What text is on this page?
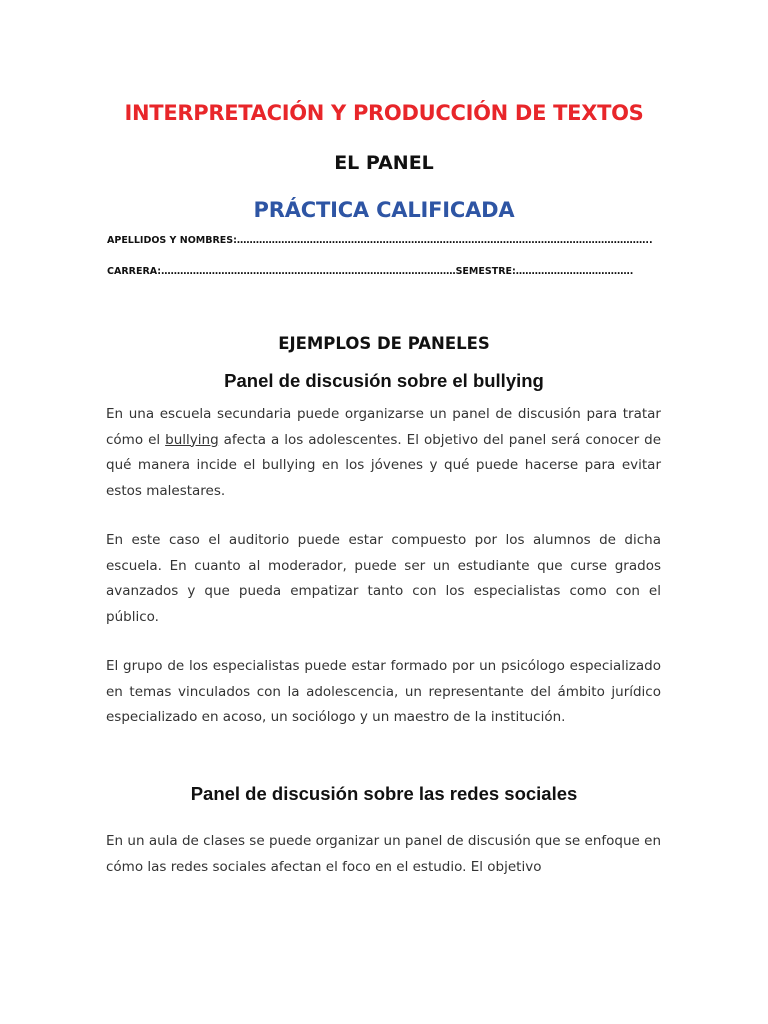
INTERPRETACIÓN Y PRODUCCIÓN DE TEXTOS
EL PANEL
PRÁCTICA CALIFICADA
APELLIDOS Y NOMBRES:…………………………………………………………………………………………………………………..
CARRERA:…………………………………………………………………………………SEMESTRE:……………………………….
EJEMPLOS DE PANELES
Panel de discusión sobre el bullying

En una escuela secundaria puede organizarse un panel de discusión para tratar cómo el bullying afecta a los adolescentes. El objetivo del panel será conocer de qué manera incide el bullying en los jóvenes y qué puede hacerse para evitar estos malestares.

En este caso el auditorio puede estar compuesto por los alumnos de dicha escuela. En cuanto al moderador, puede ser un estudiante que curse grados avanzados y que pueda empatizar tanto con los especialistas como con el público.

El grupo de los especialistas puede estar formado por un psicólogo especializado en temas vinculados con la adolescencia, un representante del ámbito jurídico especializado en acoso, un sociólogo y un maestro de la institución.

Panel de discusión sobre las redes sociales

En un aula de clases se puede organizar un panel de discusión que se enfoque en cómo las redes sociales afectan el foco en el estudio. El objetivo
